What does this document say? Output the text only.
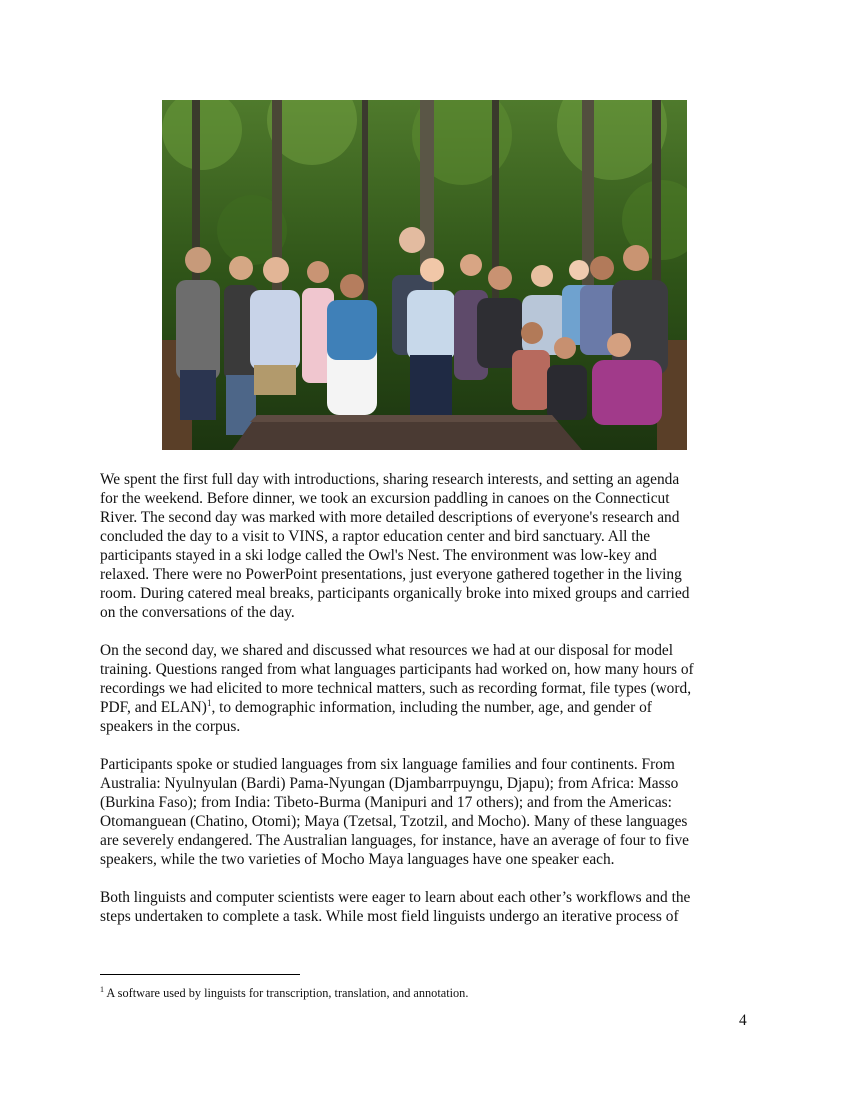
We spent the first full day with introductions, sharing research interests, and setting an agenda

for the weekend. Before dinner, we took an excursion paddling in canoes on the Connecticut

River. The second day was marked with more detailed descriptions of everyone's research and

concluded the day to a visit to VINS, a raptor education center and bird sanctuary. All the

participants stayed in a ski lodge called the Owl's Nest. The environment was low-key and

relaxed. There were no PowerPoint presentations, just everyone gathered together in the living

room. During catered meal breaks, participants organically broke into mixed groups and carried

on the conversations of the day.

On the second day, we shared and discussed what resources we had at our disposal for model

training. Questions ranged from what languages participants had worked on, how many hours of

recordings we had elicited to more technical matters, such as recording format, file types (word,

PDF, and ELAN)$^1$, to demographic information, including the number, age, and gender of

speakers in the corpus.

Participants spoke or studied languages from six language families and four continents. From

Australia: Nyulnyulan (Bardi) Pama-Nyungan (Djambarrpuyngu, Djapu); from Africa: Masso

(Burkina Faso); from India: Tibeto-Burma (Manipuri and 17 others); and from the Americas:

Otomanguean (Chatino, Otomi); Maya (Tzetsal, Tzotzil, and Mocho). Many of these languages

are severely endangered. The Australian languages, for instance, have an average of four to five

speakers, while the two varieties of Mocho Maya languages have one speaker each.

Both linguists and computer scientists were eager to learn about each other’s workflows and the

steps undertaken to complete a task. While most field linguists undergo an iterative process of

$^1$ A software used by linguists for transcription, translation, and annotation.
4
